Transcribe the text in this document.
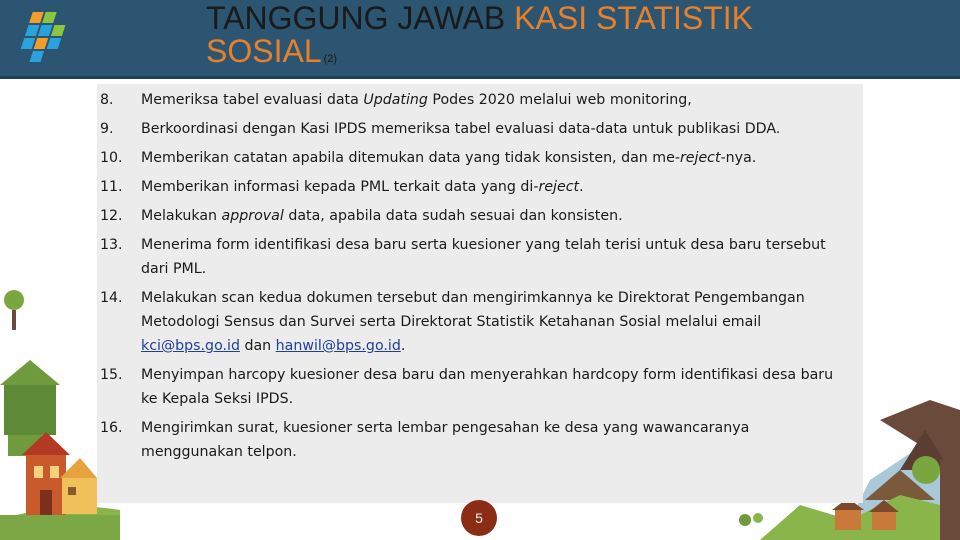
TANGGUNG JAWAB KASI STATISTIK
SOSIAL (2)
8. Memeriksa tabel evaluasi data Updating Podes 2020 melalui web monitoring,
9. Berkoordinasi dengan Kasi IPDS memeriksa tabel evaluasi data-data untuk publikasi DDA.
10. Memberikan catatan apabila ditemukan data yang tidak konsisten, dan me-reject-nya.
11. Memberikan informasi kepada PML terkait data yang di-reject.
12. Melakukan approval data, apabila data sudah sesuai dan konsisten.
13. Menerima form identifikasi desa baru serta kuesioner yang telah terisi untuk desa baru tersebut dari PML.
14. Melakukan scan kedua dokumen tersebut dan mengirimkannya ke Direktorat Pengembangan Metodologi Sensus dan Survei serta Direktorat Statistik Ketahanan Sosial melalui email kci@bps.go.id dan hanwil@bps.go.id.
15. Menyimpan harcopy kuesioner desa baru dan menyerahkan hardcopy form identifikasi desa baru ke Kepala Seksi IPDS.
16. Mengirimkan surat, kuesioner serta lembar pengesahan ke desa yang wawancaranya menggunakan telpon.
5
